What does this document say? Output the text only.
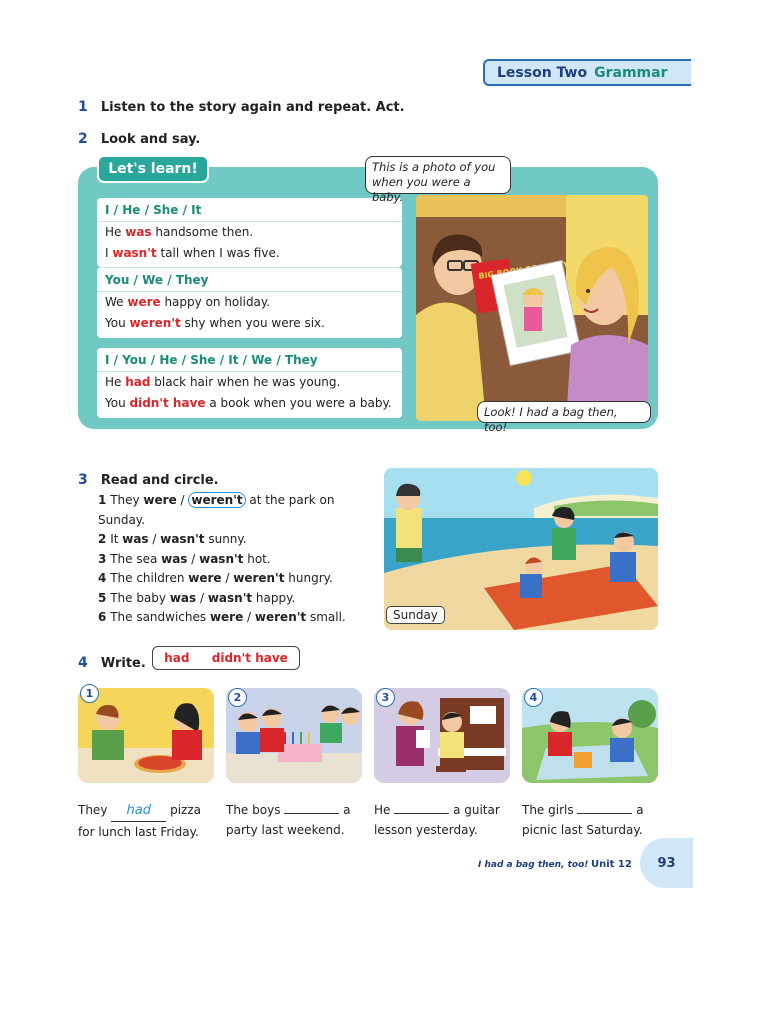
Lesson Two Grammar
1 Listen to the story again and repeat. Act.
2 Look and say.
Let's learn!
I / He / She / It
He was handsome then.
I wasn't tall when I was five.
You / We / They
We were happy on holiday.
You weren't shy when you were six.
I / You / He / She / It / We / They
He had black hair when he was young.
You didn't have a book when you were a baby.
BIG
This is a photo of you
when you were a baby.
Look! I had a bag then, too!
3 Read and circle.
1 They were / weren't at the park on Sunday.
2 It was / wasn't sunny.
3 The sea was / wasn't hot.
4 The children were / weren't hungry.
5 The baby was / wasn't happy.
6 The sandwiches were / weren't small.	Sunday
4 Write. had didn't have
1	2	3	4
They had pizza
for lunch last Friday.
The boys	a
party last weekend.
He	a guitar
lesson yesterday.
The girls	a
picnic last Saturday.
I had a bag then, too! Unit 12	93
